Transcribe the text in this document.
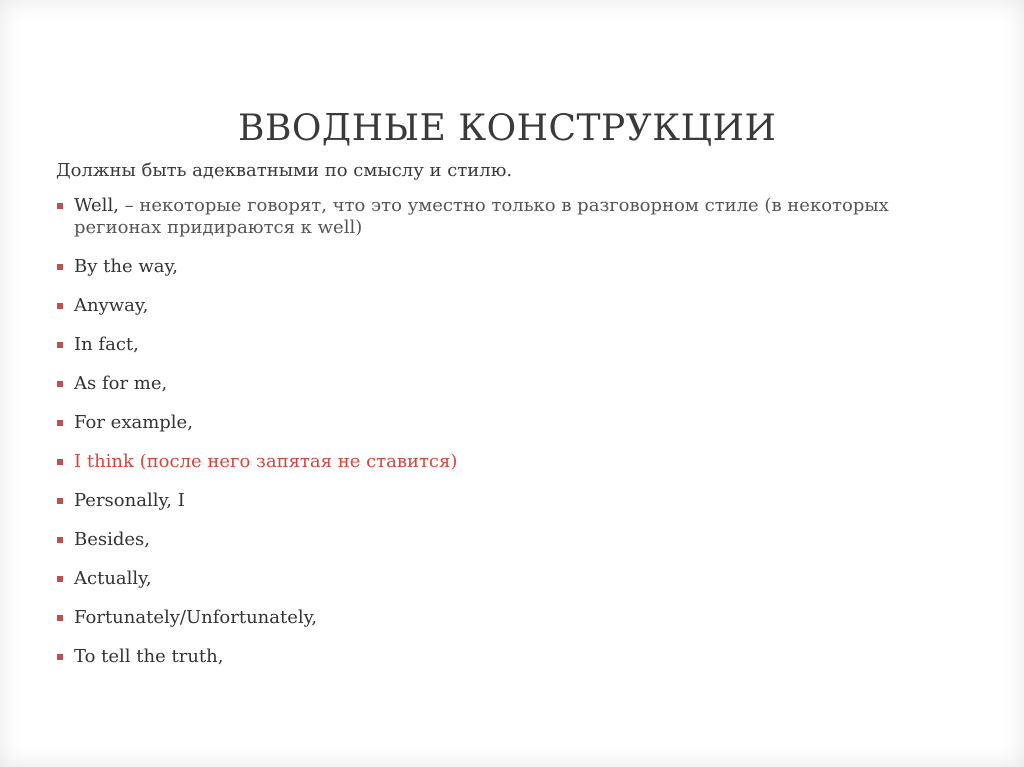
ВВОДНЫЕ КОНСТРУКЦИИ

Должны быть адекватными по смыслу и стилю.

Well, – некоторые говорят, что это уместно только в разговорном стиле (в некоторых регионах придираются к well)
By the way,
Anyway,
In fact,
As for me,
For example,
I think (после него запятая не ставится)
Personally, I
Besides,
Actually,
Fortunately/Unfortunately,
To tell the truth,
